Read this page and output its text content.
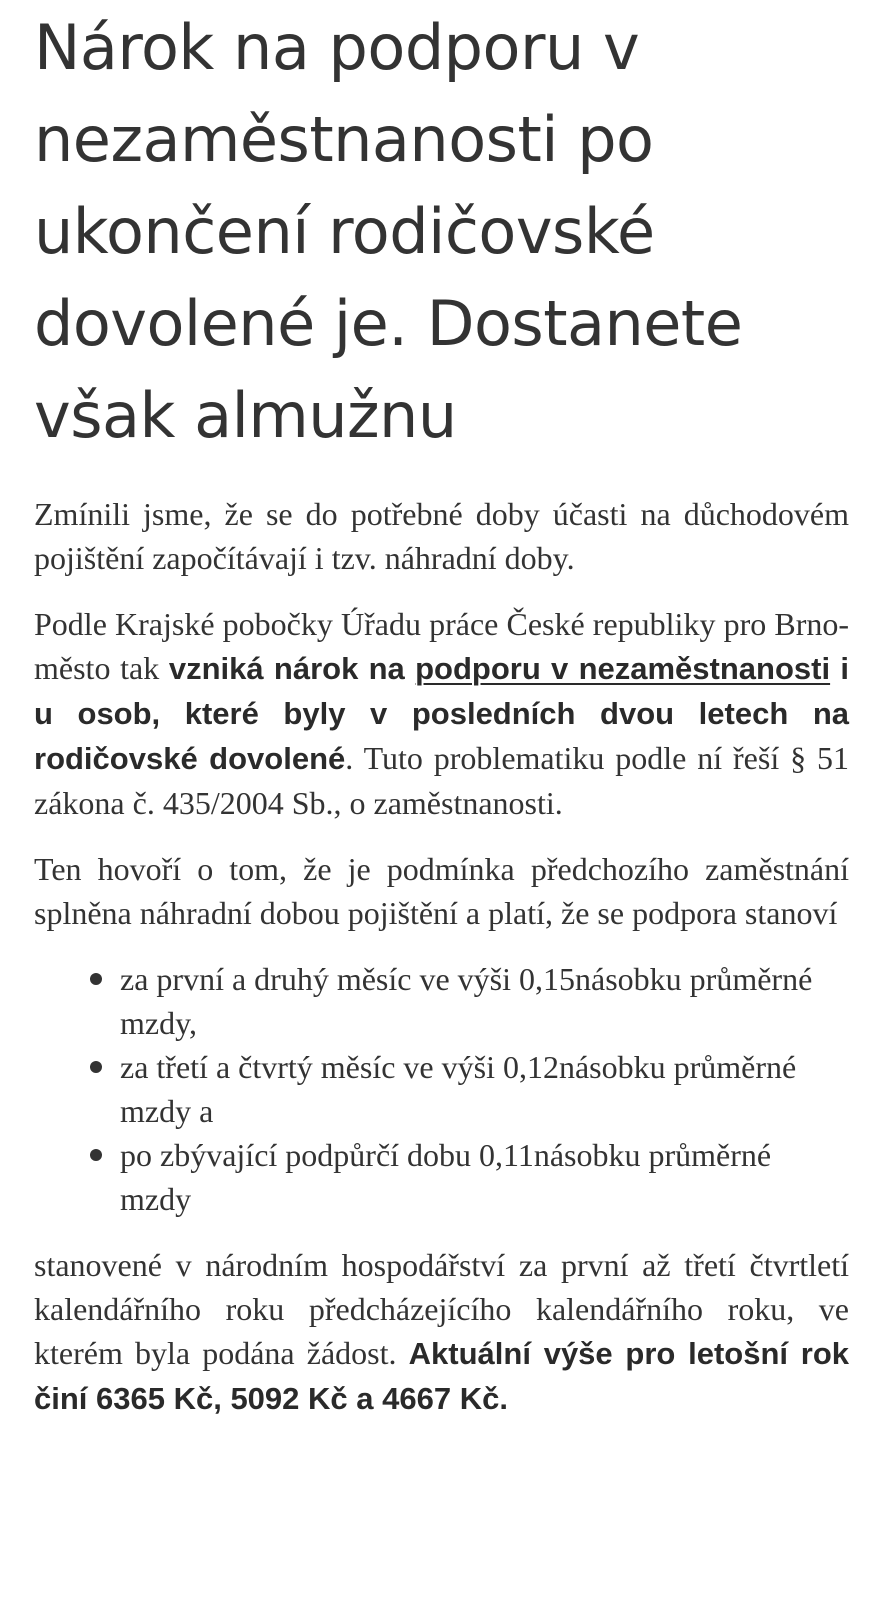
Nárok na podporu v nezaměstnanosti po ukončení rodičovské dovolené je. Dostanete však almužnu

Zmínili jsme, že se do potřebné doby účasti na důchodovém pojištění započítávají i tzv. náhradní doby.

Podle Krajské pobočky Úřadu práce České republiky pro Brno-město tak vzniká nárok na podporu v nezaměstnanosti i u osob, které byly v posledních dvou letech na rodičovské dovolené. Tuto problematiku podle ní řeší § 51 zákona č. 435/2004 Sb., o zaměstnanosti.

Ten hovoří o tom, že je podmínka předchozího zaměstnání splněna náhradní dobou pojištění a platí, že se podpora stanoví

za první a druhý měsíc ve výši 0,15násobku průměrné mzdy,
za třetí a čtvrtý měsíc ve výši 0,12násobku průměrné mzdy a
po zbývající podpůrčí dobu 0,11násobku průměrné mzdy

stanovené v národním hospodářství za první až třetí čtvrtletí kalendářního roku předcházejícího kalendářního roku, ve kterém byla podána žádost. Aktuální výše pro letošní rok činí 6365 Kč, 5092 Kč a 4667 Kč.
